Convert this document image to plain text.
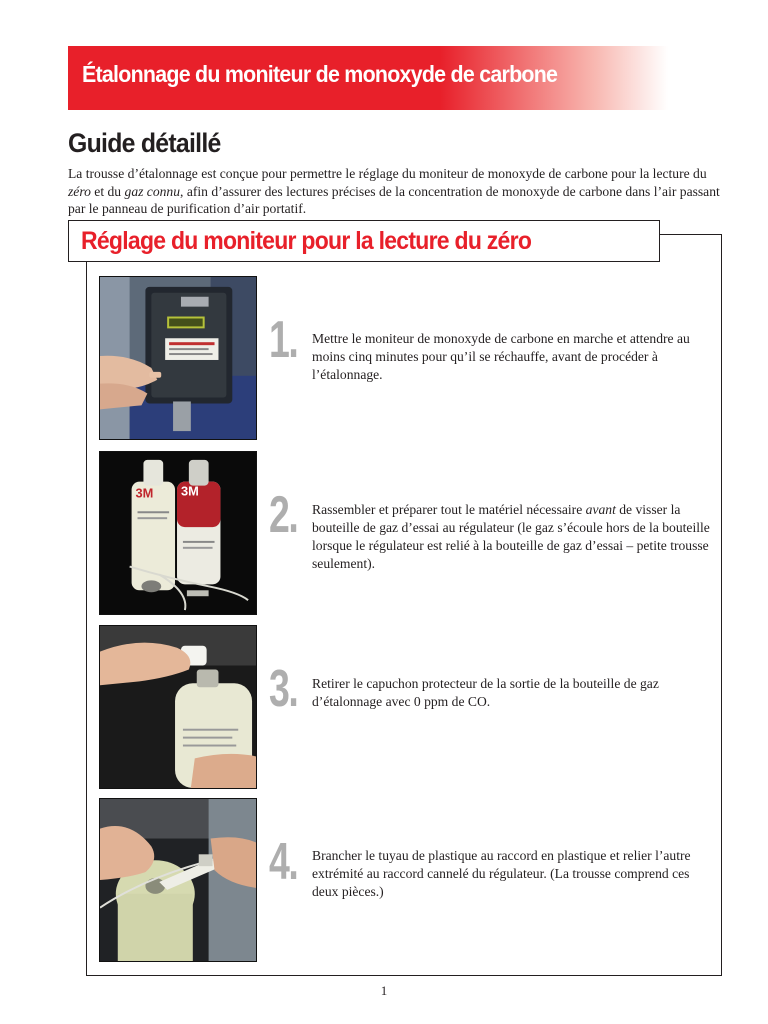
Étalonnage du moniteur de monoxyde de carbone
Guide détaillé

La trousse d’étalonnage est conçue pour permettre le réglage du moniteur de monoxyde de carbone pour la lecture du zéro et du gaz connu, afin d’assurer des lectures précises de la concentration de monoxyde de carbone dans l’air passant par le panneau de purification d’air portatif.

Réglage du moniteur pour la lecture du zéro

1. Mettre le moniteur de monoxyde de carbone en marche et attendre au moins cinq minutes pour qu’il se réchauffe, avant de procéder à l’étalonnage.

3M 3M 2. Rassembler et préparer tout le matériel nécessaire avant de visser la bouteille de gaz d’essai au régulateur (le gaz s’écoule hors de la bouteille lorsque le régulateur est relié à la bouteille de gaz d’essai – petite trousse seulement).

3. Retirer le capuchon protecteur de la sortie de la bouteille de gaz d’étalonnage avec 0 ppm de CO.

4. Brancher le tuyau de plastique au raccord en plastique et relier l’autre extrémité au raccord cannelé du régulateur. (La trousse comprend ces deux pièces.)

1
